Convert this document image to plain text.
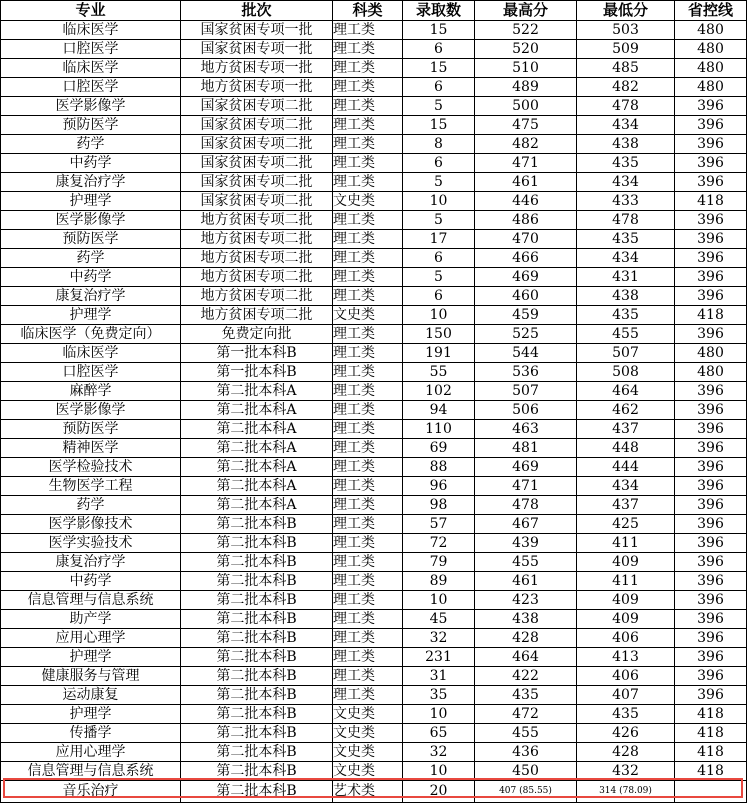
专业	批次	科类	录取数	最高分	最低分	省控线
临床医学	国家贫困专项一批	理工类	15	522	503	480
口腔医学	国家贫困专项一批	理工类	6	520	509	480
临床医学	地方贫困专项一批	理工类	15	510	485	480
口腔医学	地方贫困专项一批	理工类	6	489	482	480
医学影像学	国家贫困专项二批	理工类	5	500	478	396
预防医学	国家贫困专项二批	理工类	15	475	434	396
药学	国家贫困专项二批	理工类	8	482	438	396
中药学	国家贫困专项二批	理工类	6	471	435	396
康复治疗学	国家贫困专项二批	理工类	5	461	434	396
护理学	国家贫困专项二批	文史类	10	446	433	418
医学影像学	地方贫困专项二批	理工类	5	486	478	396
预防医学	地方贫困专项二批	理工类	17	470	435	396
药学	地方贫困专项二批	理工类	6	466	434	396
中药学	地方贫困专项二批	理工类	5	469	431	396
康复治疗学	地方贫困专项二批	理工类	6	460	438	396
护理学	地方贫困专项二批	文史类	10	459	435	418
临床医学（免费定向）	免费定向批	理工类	150	525	455	396
临床医学	第一批本科B	理工类	191	544	507	480
口腔医学	第一批本科B	理工类	55	536	508	480
麻醉学	第二批本科A	理工类	102	507	464	396
医学影像学	第二批本科A	理工类	94	506	462	396
预防医学	第二批本科A	理工类	110	463	437	396
精神医学	第二批本科A	理工类	69	481	448	396
医学检验技术	第二批本科A	理工类	88	469	444	396
生物医学工程	第二批本科A	理工类	96	471	434	396
药学	第二批本科A	理工类	98	478	437	396
医学影像技术	第二批本科B	理工类	57	467	425	396
医学实验技术	第二批本科B	理工类	72	439	411	396
康复治疗学	第二批本科B	理工类	79	455	409	396
中药学	第二批本科B	理工类	89	461	411	396
信息管理与信息系统	第二批本科B	理工类	10	423	409	396
助产学	第二批本科B	理工类	45	438	409	396
应用心理学	第二批本科B	理工类	32	428	406	396
护理学	第二批本科B	理工类	231	464	413	396
健康服务与管理	第二批本科B	理工类	31	422	406	396
运动康复	第二批本科B	理工类	35	435	407	396
护理学	第二批本科B	文史类	10	472	435	418
传播学	第二批本科B	文史类	65	455	426	418
应用心理学	第二批本科B	文史类	32	436	428	418
信息管理与信息系统	第二批本科B	文史类	10	450	432	418
音乐治疗	第二批本科B	艺术类	20	407 (85.55)	314 (78.09)	
